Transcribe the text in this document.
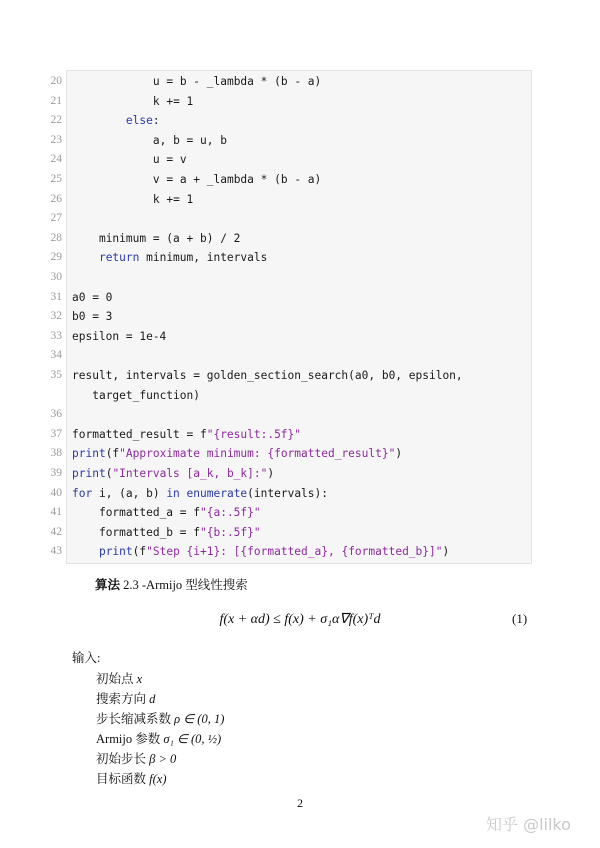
20	u = b - _lambda * (b - a)
21	k += 1
22	else:
23	a, b = u, b
24	u = v
25	v = a + _lambda * (b - a)
26	k += 1
27
28	minimum = (a + b) / 2
29	return minimum, intervals
30
31 a0 = 0
32 b0 = 3
33 epsilon = 1e-4
34
35 result, intervals = golden_section_search(a0, b0, epsilon,
target_function)
36
37 formatted_result = f"{result:.5f}"
38 print(f"Approximate minimum: {formatted_result}")
39 print("Intervals [a_k, b_k]:")
40 for i, (a, b) in enumerate(intervals):
41	formatted_a = f"{a:.5f}"
42	formatted_b = f"{b:.5f}"
43	print(f"Step {i+1}: [{formatted_a}, {formatted_b}]")
算法 2.3 -Armijo 型线性搜索
f(x + αd) ≤ f(x) + σ₁α∇f(x)ᵀd	(1)
输入:
初始点 x
搜索方向 d
步长缩减系数 ρ ∈ (0, 1)
Armijo 参数 σ₁ ∈ (0, ½)
初始步长 β > 0
目标函数 f(x)
2
知乎 @lilko
